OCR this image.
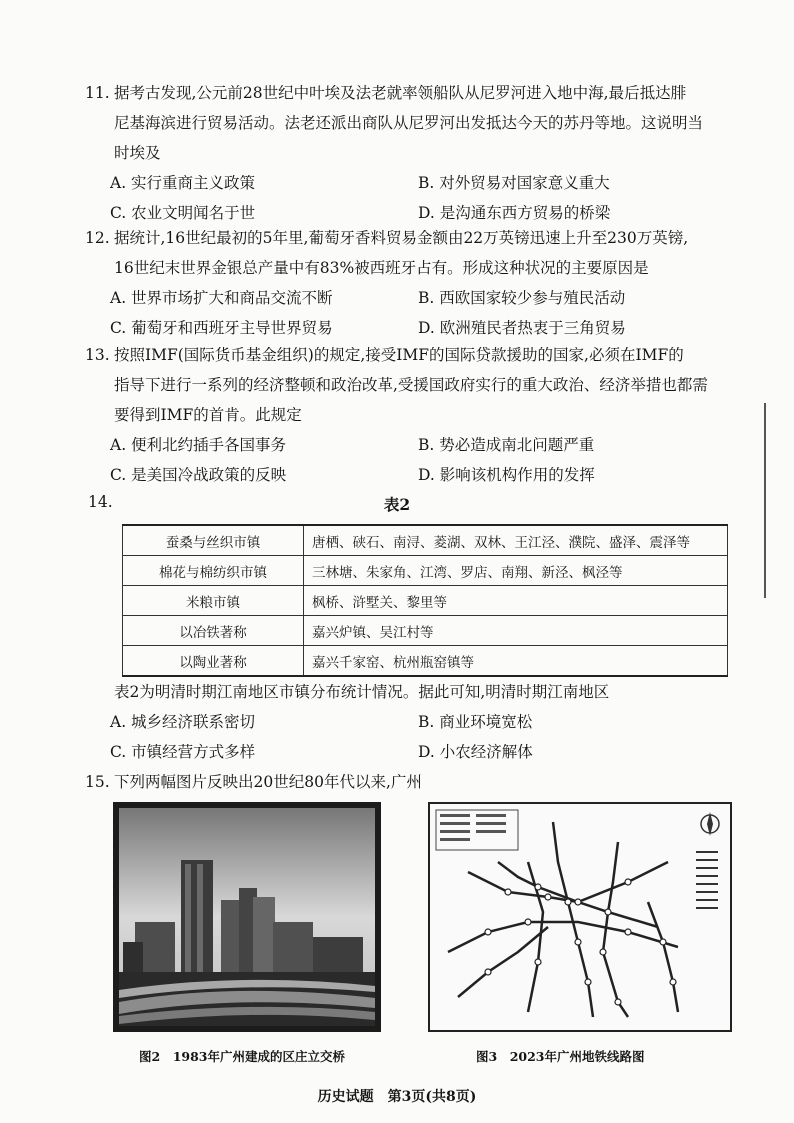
11. 据考古发现,公元前28世纪中叶埃及法老就率领船队从尼罗河进入地中海,最后抵达腓
尼基海滨进行贸易活动。法老还派出商队从尼罗河出发抵达今天的苏丹等地。这说明当
时埃及
A. 实行重商主义政策	B. 对外贸易对国家意义重大
C. 农业文明闻名于世	D. 是沟通东西方贸易的桥梁
12. 据统计,16世纪最初的5年里,葡萄牙香料贸易金额由22万英镑迅速上升至230万英镑,
16世纪末世界金银总产量中有83%被西班牙占有。形成这种状况的主要原因是
A. 世界市场扩大和商品交流不断	B. 西欧国家较少参与殖民活动
C. 葡萄牙和西班牙主导世界贸易	D. 欧洲殖民者热衷于三角贸易
13. 按照IMF(国际货币基金组织)的规定,接受IMF的国际贷款援助的国家,必须在IMF的
指导下进行一系列的经济整顿和政治改革,受援国政府实行的重大政治、经济举措也都需
要得到IMF的首肯。此规定
A. 便利北约插手各国事务	B. 势必造成南北问题严重
C. 是美国冷战政策的反映	D. 影响该机构作用的发挥
14.	表2
蚕桑与丝织市镇	唐栖、硖石、南浔、菱湖、双林、王江泾、濮院、盛泽、震泽等
棉花与棉纺织市镇	三林塘、朱家角、江湾、罗店、南翔、新泾、枫泾等
米粮市镇	枫桥、浒墅关、黎里等
以冶铁著称	嘉兴炉镇、吴江村等
以陶业著称	嘉兴千家窑、杭州瓶窑镇等
表2为明清时期江南地区市镇分布统计情况。据此可知,明清时期江南地区
A. 城乡经济联系密切	B. 商业环境宽松
C. 市镇经营方式多样	D. 小农经济解体
15. 下列两幅图片反映出20世纪80年代以来,广州
图2　1983年广州建成的区庄立交桥	图3　2023年广州地铁线路图
历史试题　第3页(共8页)
